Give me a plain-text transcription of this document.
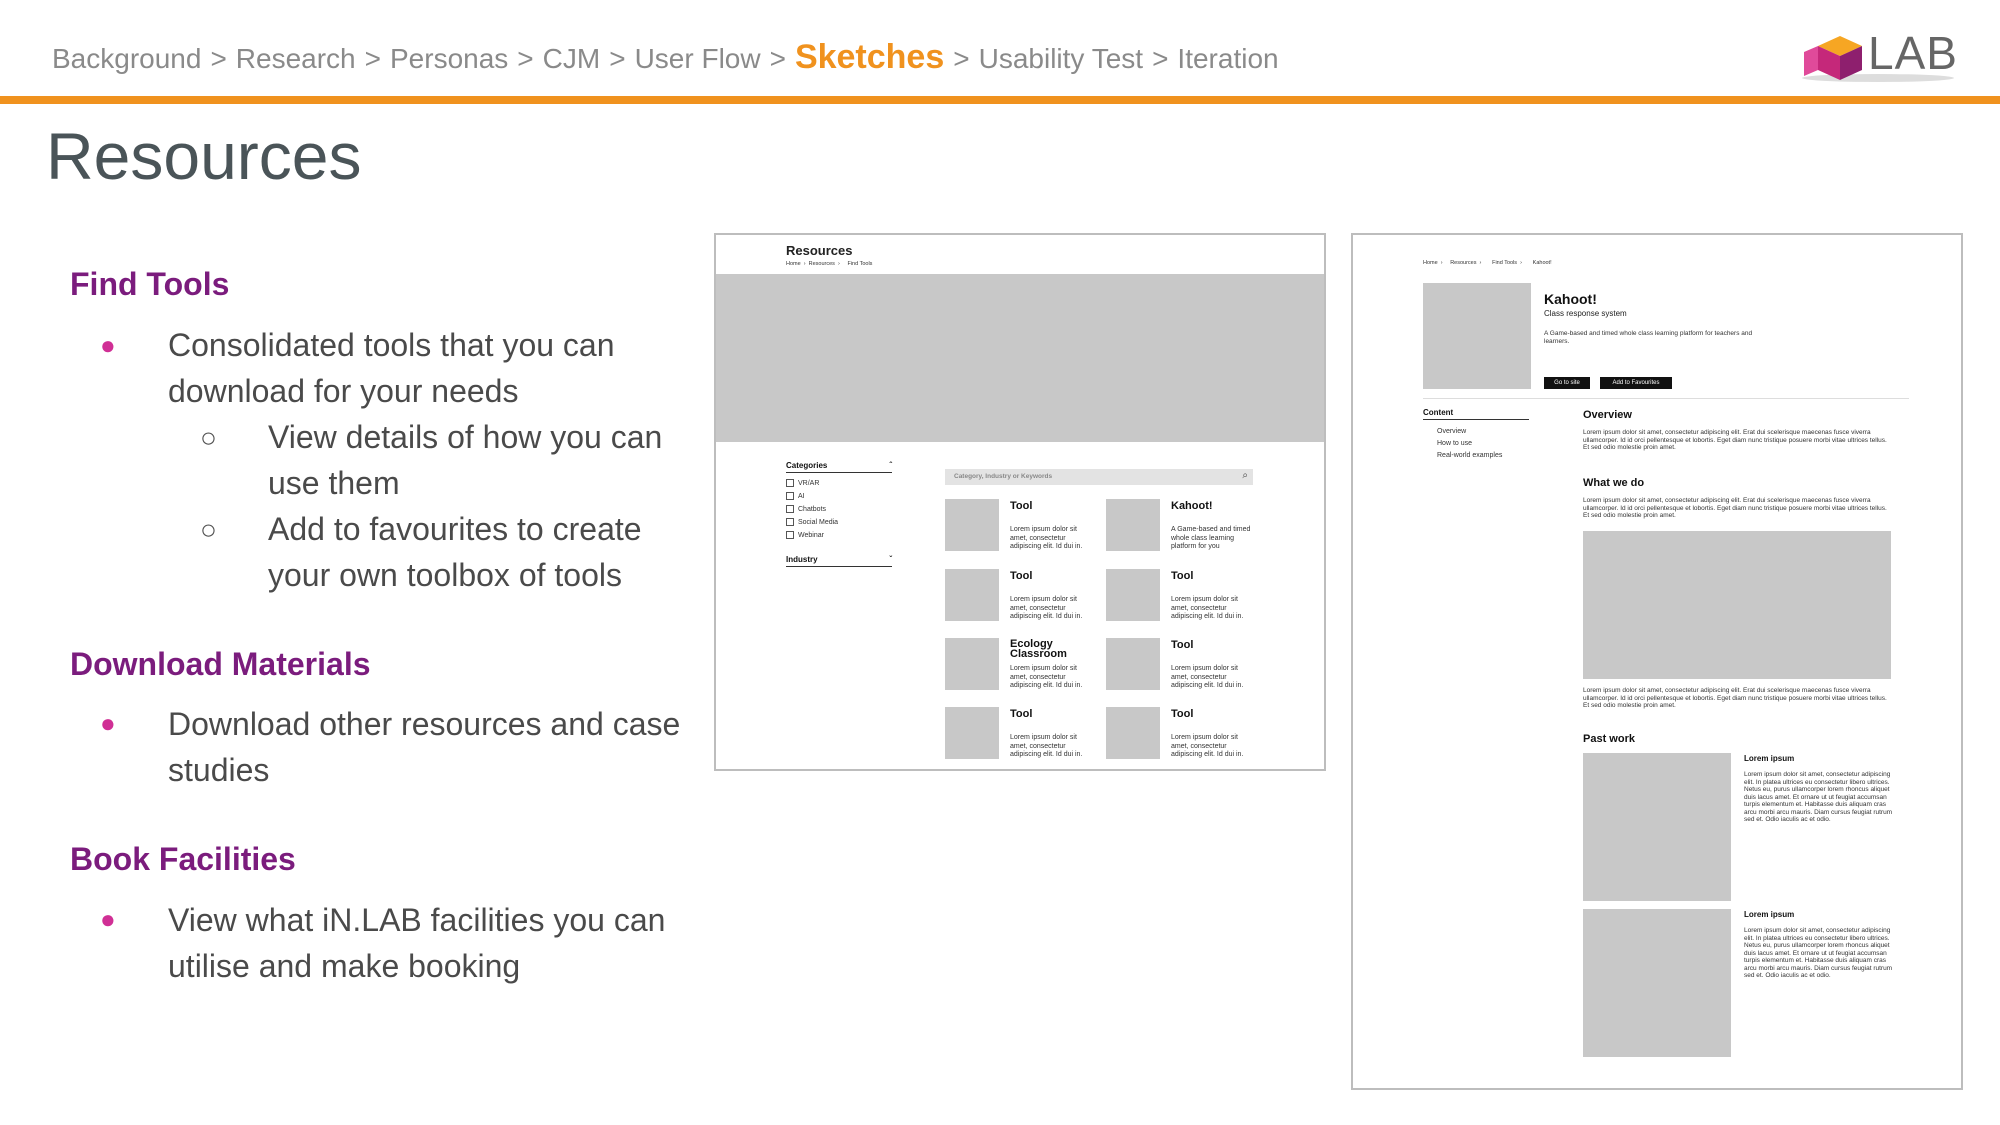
Background > Research > Personas > CJM > User Flow > Sketches > Usability Test > Iteration	LAB
Resources
Find Tools
● Consolidated tools that you can
download for your needs
○ View details of how you can
use them
○ Add to favourites to create
your own toolbox of tools
Download Materials
● Download other resources and case
studies
Book Facilities
● View what iN.LAB facilities you can
utilise and make booking
Resources
Home  ›  Resources  ›     Find Tools
Categories	ˆ
VR/AR
AI
Chatbots
Social Media
Webinar
Industry	ˇ
Category, Industry or Keywords	⌕
Tool
Lorem ipsum dolor sit amet, consectetur adipiscing elit. Id dui in.
Kahoot!
A Game-based and timed whole class learning platform for you
Tool
Lorem ipsum dolor sit amet, consectetur adipiscing elit. Id dui in.
Tool
Lorem ipsum dolor sit amet, consectetur adipiscing elit. Id dui in.
Ecology Classroom
Lorem ipsum dolor sit amet, consectetur adipiscing elit. Id dui in.
Tool
Lorem ipsum dolor sit amet, consectetur adipiscing elit. Id dui in.
Tool
Lorem ipsum dolor sit amet, consectetur adipiscing elit. Id dui in.
Tool
Lorem ipsum dolor sit amet, consectetur adipiscing elit. Id dui in.
Home  ›     Resources  ›       Find Tools  ›       Kahoot!
Kahoot!
Class response system
A Game-based and timed whole class learning platform for teachers and learners.
Go to site	Add to Favourites
Content
Overview
How to use
Real-world examples
Overview
Lorem ipsum dolor sit amet, consectetur adipiscing elit. Erat dui scelerisque maecenas fusce viverra ullamcorper. Id id orci pellentesque et lobortis. Eget diam nunc tristique posuere morbi vitae ultrices tellus. Et sed odio molestie proin amet.
What we do
Lorem ipsum dolor sit amet, consectetur adipiscing elit. Erat dui scelerisque maecenas fusce viverra ullamcorper. Id id orci pellentesque et lobortis. Eget diam nunc tristique posuere morbi vitae ultrices tellus. Et sed odio molestie proin amet.
Lorem ipsum dolor sit amet, consectetur adipiscing elit. Erat dui scelerisque maecenas fusce viverra ullamcorper. Id id orci pellentesque et lobortis. Eget diam nunc tristique posuere morbi vitae ultrices tellus. Et sed odio molestie proin amet.
Past work
Lorem ipsum
Lorem ipsum dolor sit amet, consectetur adipiscing elit. In platea ultrices eu consectetur libero ultrices. Netus eu, purus ullamcorper lorem rhoncus aliquet duis lacus amet. Et ornare ut ut feugiat accumsan turpis elementum et. Habitasse duis aliquam cras arcu morbi arcu mauris. Diam cursus feugiat rutrum sed et. Odio iaculis ac et odio.
Lorem ipsum
Lorem ipsum dolor sit amet, consectetur adipiscing elit. In platea ultrices eu consectetur libero ultrices. Netus eu, purus ullamcorper lorem rhoncus aliquet duis lacus amet. Et ornare ut ut feugiat accumsan turpis elementum et. Habitasse duis aliquam cras arcu morbi arcu mauris. Diam cursus feugiat rutrum sed et. Odio iaculis ac et odio.
